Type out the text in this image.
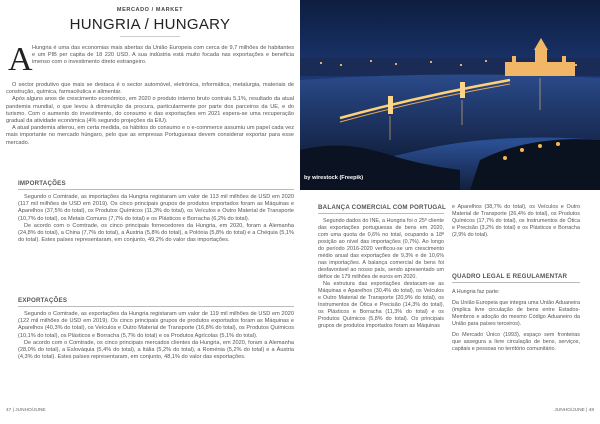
MERCADO / MARKET
HUNGRIA / HUNGARY
A Hungria é uma das economias mais abertas da União Europeia com cerca de 9,7 milhões de habitantes e um PIB per capita de 18 220 USD. A sua indústria está muito focada nas exportações e beneficia imenso com o investimento direto estrangeiro.

O sector produtivo que mais se destaca é o sector automóvel, eletrónica, informática, metalurgia, materiais de construção, química, farmacêutica e alimentar.

Após alguns anos de crescimento económico, em 2020 o produto interno bruto contraiu 5,1%, resultado da atual pandemia mundial, o que levou à diminuição da procura, particularmente por parte dos parceiros da UE, e do turismo. Com o aumento do investimento, do consumo e das exportações em 2021 espera-se uma recuperação gradual da atividade económica (4% segundo projeções da EIU).

A atual pandemia alterou, em certa medida, os hábitos do consumo e o e-commerce assumiu um papel cada vez mais importante no mercado húngaro, pelo que as empresas Portuguesas devem considerar exportar para esse mercado.

IMPORTAÇÕES

Segundo o Comtrade, as importações da Hungria registaram um valor de 113 mil milhões de USD em 2020 (117 mil milhões de USD em 2019). Os cinco principais grupos de produtos importados foram as Máquinas e Aparelhos (37,5% do total), os Produtos Químicos (11,3% do total), os Veículos e Outro Material de Transporte (10,7% do total), os Metais Comuns (7,7% do total) e os Plásticos e Borracha (6,2% do total).

De acordo com o Comtrade, os cinco principais fornecedores da Hungria, em 2020, foram a Alemanha (24,8% do total), a China (7,7% do total), a Áustria (5,8% do total), a Polónia (5,8% do total) e a Chéquia (5,1% do total). Estes países representaram, em conjunto, 49,2% do valor das importações.

EXPORTAÇÕES

Segundo o Comtrade, as exportações da Hungria registaram um valor de 119 mil milhões de USD em 2020 (122 mil milhões de USD em 2019). Os cinco principais grupos de produtos exportados foram as Máquinas e Aparelhos (40,3% do total), os Veículos e Outro Material de Transporte (16,8% do total), os Produtos Químicos (10,1% do total), os Plásticos e Borracha (5,7% do total) e os Produtos Agrícolas (5,1% do total).

De acordo com o Comtrade, os cinco principais mercados clientes da Hungria, em 2020, foram a Alemanha (28,0% do total), a Eslováquia (5,4% do total), a Itália (5,2% do total), a Roménia (5,2% do total) e a Áustria (4,3% do total). Estes países representaram, em conjunto, 48,1% do valor das exportações.

47 | JUNHO/JUNE
by wirestock (Freepik)
BALANÇA COMERCIAL COM PORTUGAL

Segundo dados do INE, a Hungria foi o 25º cliente das exportações portuguesas de bens em 2020, com uma quota de 0,6% no total, ocupando a 18ª posição ao nível das importações (0,7%). Ao longo do período 2016-2020 verificou-se um crescimento médio anual das exportações de 9,3% e de 10,6% nas importações. A balança comercial de bens foi desfavorável ao nosso país, sendo apresentado um défice de 179 milhões de euros em 2020.

Na estrutura das exportações destacam-se as Máquinas e Aparelhos (30,4% do total), os Veículos e Outro Material de Transporte (20,9% do total), os Instrumentos de Ótica e Precisão (14,3% do total), os Plásticos e Borracha (11,3% do total) e os Produtos Químicos (5,8% do total). Os principais grupos de produtos importados foram as Máquinas

e Aparelhos (38,7% do total), os Veículos e Outro Material de Transporte (26,4% do total), os Produtos Químicos (17,7% do total), os Instrumentos de Ótica e Precisão (3,2% do total) e os Plásticos e Borracha (2,9% do total).

QUADRO LEGAL E REGULAMENTAR

A Hungria faz parte:

Da União Europeia que integra uma União Aduaneira (implica livre circulação de bens entre Estados-Membros e adoção do mesmo Código Aduaneiro da União para países terceiros).

Do Mercado Único (1993), espaço sem fronteiras que assegura a livre circulação de bens, serviços, capitais e pessoas no território comunitário.

JUNHO/JUNE | 48
